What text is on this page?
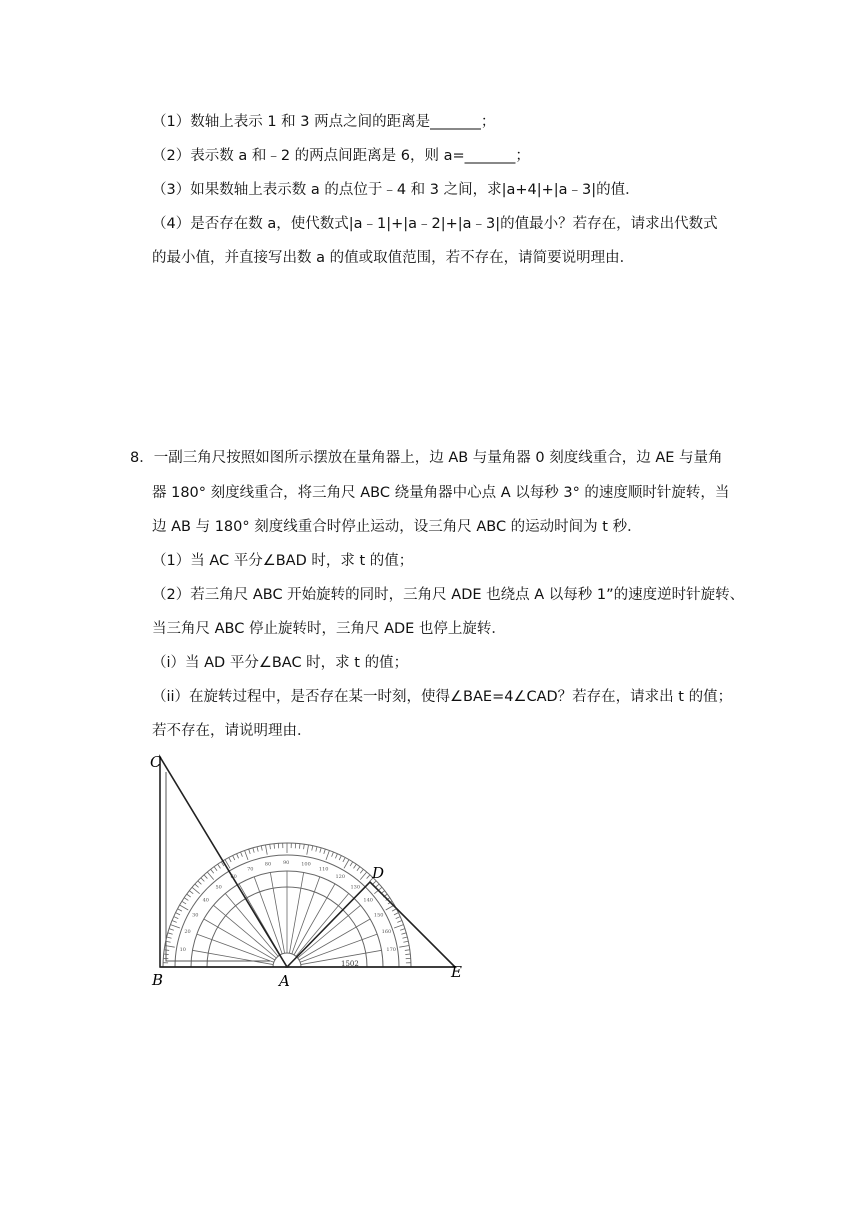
（1）数轴上表示 1 和 3 两点之间的距离是_______；
（2）表示数 a 和﹣2 的两点间距离是 6，则 a=_______；
（3）如果数轴上表示数 a 的点位于﹣4 和 3 之间，求|a+4|+|a﹣3|的值．
（4）是否存在数 a，使代数式|a﹣1|+|a﹣2|+|a﹣3|的值最小？若存在，请求出代数式
的最小值，并直接写出数 a 的值或取值范围，若不存在，请简要说明理由．
8．一副三角尺按照如图所示摆放在量角器上，边 AB 与量角器 0 刻度线重合，边 AE 与量角
器 180° 刻度线重合，将三角尺 ABC 绕量角器中心点 A 以每秒 3° 的速度顺时针旋转，当
边 AB 与 180° 刻度线重合时停止运动，设三角尺 ABC 的运动时间为 t 秒．
（1）当 AC 平分∠BAD 时，求 t 的值；
（2）若三角尺 ABC 开始旋转的同时，三角尺 ADE 也绕点 A 以每秒 1”的速度逆时针旋转、
当三角尺 ABC 停止旋转时，三角尺 ADE 也停上旋转．
（i）当 AD 平分∠BAC 时，求 t 的值；
（ii）在旋转过程中，是否存在某一时刻，使得∠BAE=4∠CAD？若存在，请求出 t 的值；
若不存在，请说明理由．
170
160
150
140
130
120
110
100
90
80
70
60
50
40
30
20
10
C
B	A
D
E
1502
